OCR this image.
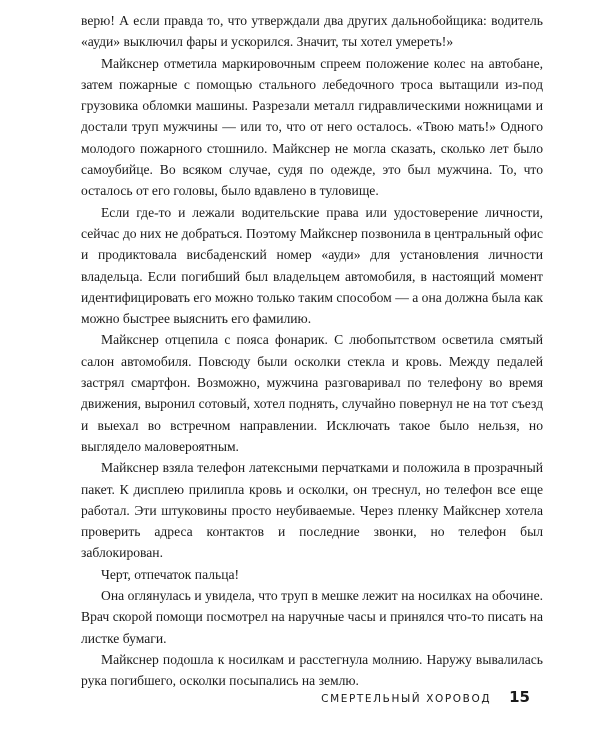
верю! А если правда то, что утверждали два других дальнобойщика: водитель «ауди» выключил фары и ускорился. Значит, ты хотел умереть!»

Майкснер отметила маркировочным спреем положение колес на автобане, затем пожарные с помощью стального лебедочного троса вытащили из-под грузовика обломки машины. Разрезали металл гидравлическими ножницами и достали труп мужчины — или то, что от него осталось. «Твою мать!» Одного молодого пожарного стошнило. Майкснер не могла сказать, сколько лет было самоубийце. Во всяком случае, судя по одежде, это был мужчина. То, что осталось от его головы, было вдавлено в туловище.

Если где-то и лежали водительские права или удостоверение личности, сейчас до них не добраться. Поэтому Майкснер позвонила в центральный офис и продиктовала висбаденский номер «ауди» для установления личности владельца. Если погибший был владельцем автомобиля, в настоящий момент идентифицировать его можно только таким способом — а она должна была как можно быстрее выяснить его фамилию.

Майкснер отцепила с пояса фонарик. С любопытством осветила смятый салон автомобиля. Повсюду были осколки стекла и кровь. Между педалей застрял смартфон. Возможно, мужчина разговаривал по телефону во время движения, выронил сотовый, хотел поднять, случайно повернул не на тот съезд и выехал во встречном направлении. Исключать такое было нельзя, но выглядело маловероятным.

Майкснер взяла телефон латексными перчатками и положила в прозрачный пакет. К дисплею прилипла кровь и осколки, он треснул, но телефон все еще работал. Эти штуковины просто неубиваемые. Через пленку Майкснер хотела проверить адреса контактов и последние звонки, но телефон был заблокирован.

Черт, отпечаток пальца!

Она оглянулась и увидела, что труп в мешке лежит на носилках на обочине. Врач скорой помощи посмотрел на наручные часы и принялся что-то писать на листке бумаги.

Майкснер подошла к носилкам и расстегнула молнию. Наружу вывалилась рука погибшего, осколки посыпались на землю.

СМЕРТЕЛЬНЫЙ ХОРОВОД 15
